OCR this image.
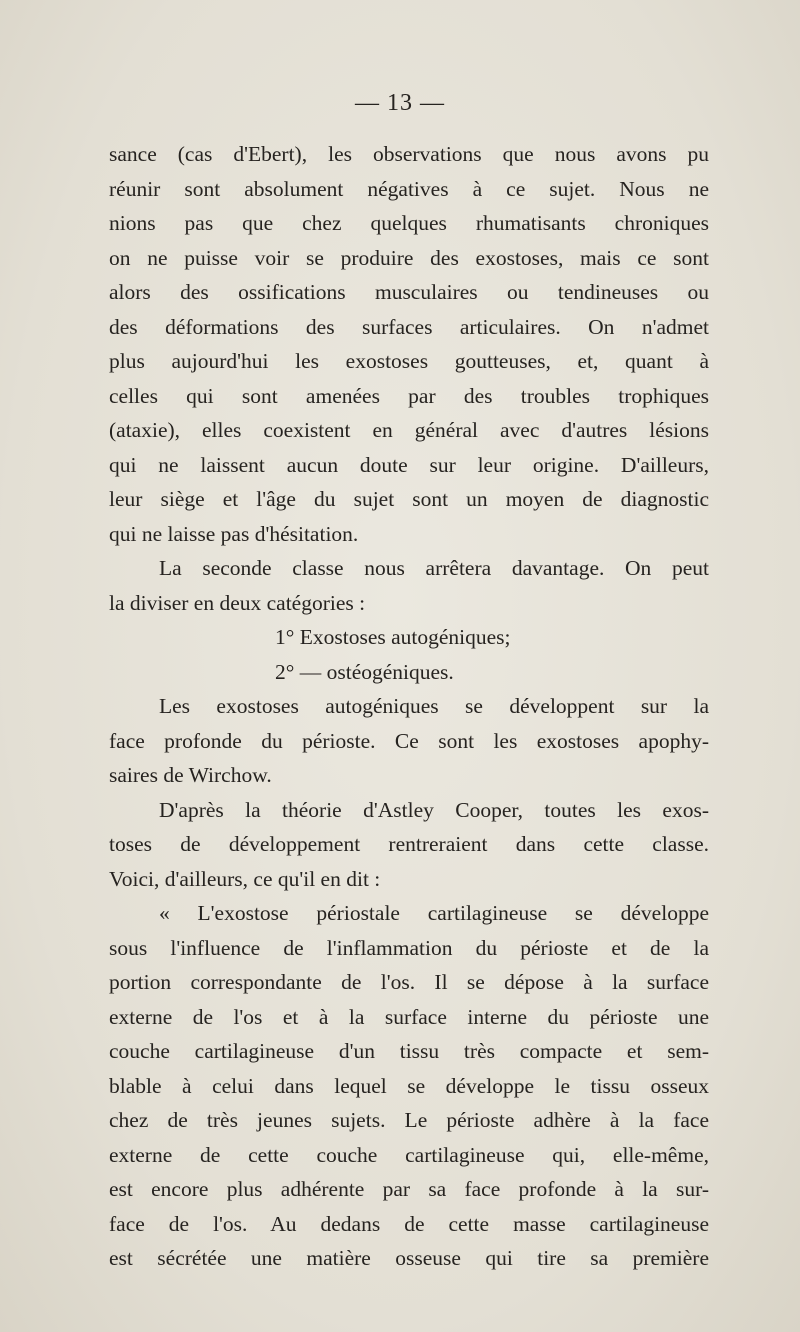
— 13 —
sance (cas d'Ebert), les observations que nous avons pu
réunir sont absolument négatives à ce sujet. Nous ne
nions pas que chez quelques rhumatisants chroniques
on ne puisse voir se produire des exostoses, mais ce sont
alors des ossifications musculaires ou tendineuses ou
des déformations des surfaces articulaires. On n'admet
plus aujourd'hui les exostoses goutteuses, et, quant à
celles qui sont amenées par des troubles trophiques
(ataxie), elles coexistent en général avec d'autres lésions
qui ne laissent aucun doute sur leur origine. D'ailleurs,
leur siège et l'âge du sujet sont un moyen de diagnostic
qui ne laisse pas d'hésitation.
La seconde classe nous arrêtera davantage. On peut
la diviser en deux catégories :
1° Exostoses autogéniques;
2° — ostéogéniques.
Les exostoses autogéniques se développent sur la
face profonde du périoste. Ce sont les exostoses apophy-
saires de Wirchow.
D'après la théorie d'Astley Cooper, toutes les exos-
toses de développement rentreraient dans cette classe.
Voici, d'ailleurs, ce qu'il en dit :
« L'exostose périostale cartilagineuse se développe
sous l'influence de l'inflammation du périoste et de la
portion correspondante de l'os. Il se dépose à la surface
externe de l'os et à la surface interne du périoste une
couche cartilagineuse d'un tissu très compacte et sem-
blable à celui dans lequel se développe le tissu osseux
chez de très jeunes sujets. Le périoste adhère à la face
externe de cette couche cartilagineuse qui, elle-même,
est encore plus adhérente par sa face profonde à la sur-
face de l'os. Au dedans de cette masse cartilagineuse
est sécrétée une matière osseuse qui tire sa première
